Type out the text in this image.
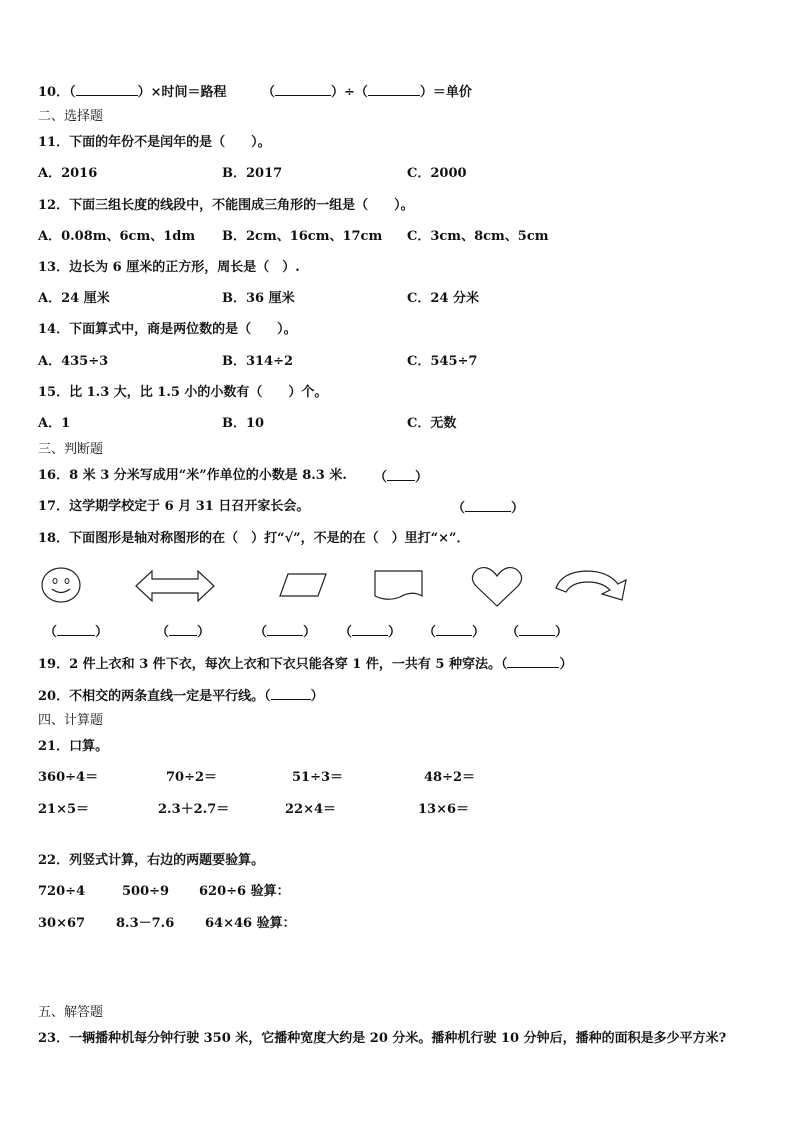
10．（	）×时间＝路程	（	）÷（	）＝单价
二、选择题
11．下面的年份不是闰年的是（　　）。
A．2016	B．2017	C．2000
12．下面三组长度的线段中，不能围成三角形的一组是（　　）。
A．0.08m、6cm、1dm B．2cm、16cm、17cm C．3cm、8cm、5cm
13．边长为 6 厘米的正方形，周长是（　）.
A．24 厘米	B．36 厘米	C．24 分米
14．下面算式中，商是两位数的是（　　）。
A．435÷3	B．314÷2	C．545÷7
15．比 1.3 大，比 1.5 小的小数有（　　）个。
A．1	B．10	C．无数
三、判断题
16．8 米 3 分米写成用“米”作单位的小数是 8.3 米. （ ）
17．这学期学校定于 6 月 31 日召开家长会。	（	）
18．下面图形是轴对称图形的在（　）打“√”，不是的在（　）里打“×”．
（	）	（ ）	（	） （	） （	） （	）
19．2 件上衣和 3 件下衣，每次上衣和下衣只能各穿 1 件，一共有 5 种穿法。（	）
20．不相交的两条直线一定是平行线。（	）
四、计算题
21．口算。
360÷4＝	70÷2＝	51÷3＝	48÷2＝
21×5＝	2.3＋2.7＝	22×4＝	13×6＝
22．列竖式计算，右边的两题要验算。
720÷4	500÷9 620÷6 验算：
30×67 8.3－7.6 64×46 验算：
五、解答题
23．一辆播种机每分钟行驶 350 米，它播种宽度大约是 20 分米。播种机行驶 10 分钟后，播种的面积是多少平方米?
